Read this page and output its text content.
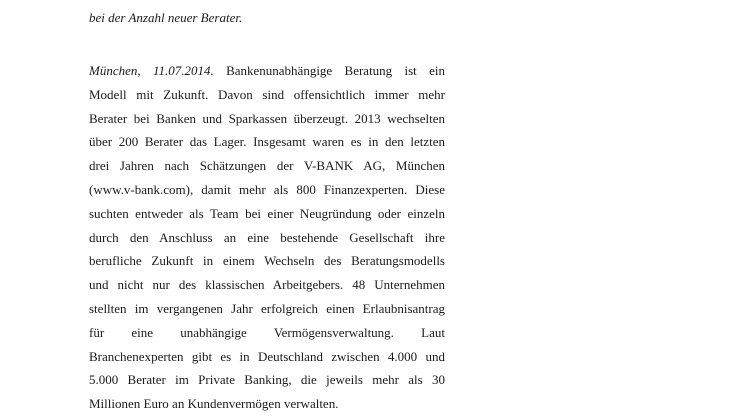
bei der Anzahl neuer Berater.
München, 11.07.2014. Bankenunabhängige Beratung ist ein
Modell mit Zukunft. Davon sind offensichtlich immer mehr
Berater bei Banken und Sparkassen überzeugt. 2013 wechselten
über 200 Berater das Lager. Insgesamt waren es in den letzten
drei Jahren nach Schätzungen der V-BANK AG, München
(www.v-bank.com), damit mehr als 800 Finanzexperten. Diese
suchten entweder als Team bei einer Neugründung oder einzeln
durch den Anschluss an eine bestehende Gesellschaft ihre
berufliche Zukunft in einem Wechseln des Beratungsmodells
und nicht nur des klassischen Arbeitgebers. 48 Unternehmen
stellten im vergangenen Jahr erfolgreich einen Erlaubnisantrag
für eine unabhängige Vermögensverwaltung. Laut
Branchenexperten gibt es in Deutschland zwischen 4.000 und
5.000 Berater im Private Banking, die jeweils mehr als 30
Millionen Euro an Kundenvermögen verwalten.
